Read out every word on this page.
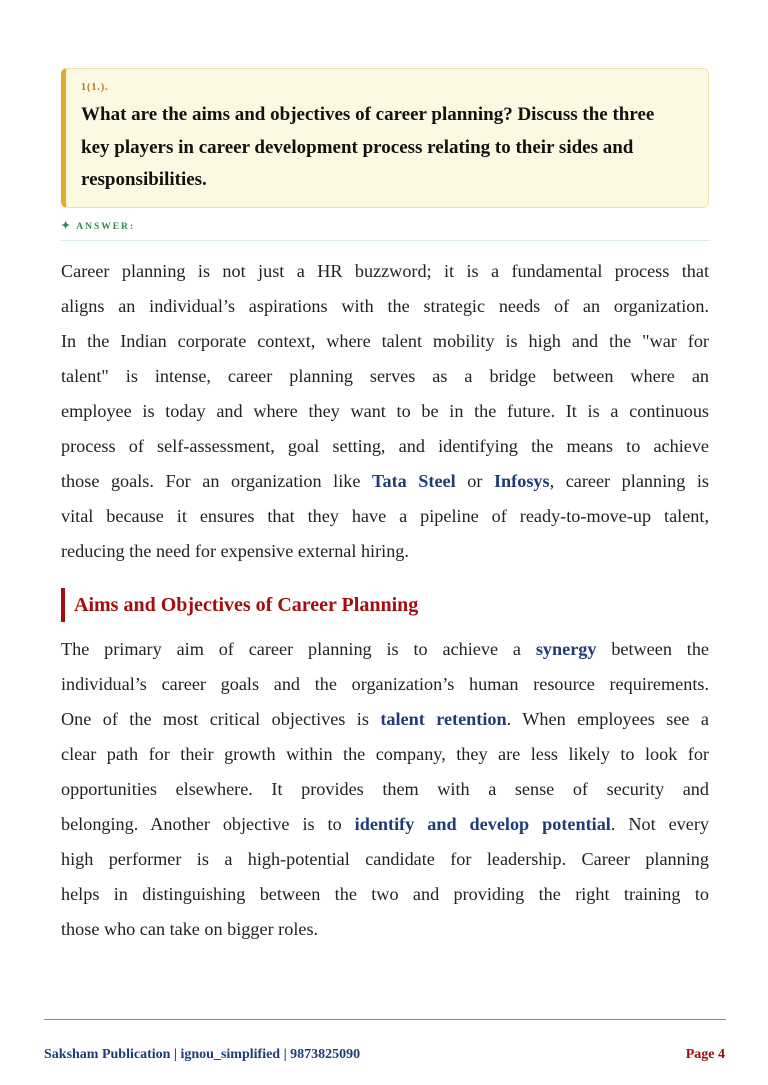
1(1.).

What are the aims and objectives of career planning? Discuss the three
key players in career development process relating to their sides and
responsibilities.

✦ ANSWER:
Career planning is not just a HR buzzword; it is a fundamental process that
aligns an individual’s aspirations with the strategic needs of an organization.
In the Indian corporate context, where talent mobility is high and the "war for
talent" is intense, career planning serves as a bridge between where an
employee is today and where they want to be in the future. It is a continuous
process of self-assessment, goal setting, and identifying the means to achieve
those goals. For an organization like Tata Steel or Infosys, career planning is
vital because it ensures that they have a pipeline of ready-to-move-up talent,
reducing the need for expensive external hiring.
Aims and Objectives of Career Planning
The primary aim of career planning is to achieve a synergy between the
individual’s career goals and the organization’s human resource requirements.
One of the most critical objectives is talent retention. When employees see a
clear path for their growth within the company, they are less likely to look for
opportunities elsewhere. It provides them with a sense of security and
belonging. Another objective is to identify and develop potential. Not every
high performer is a high-potential candidate for leadership. Career planning
helps in distinguishing between the two and providing the right training to
those who can take on bigger roles.
Saksham Publication | ignou_simplified | 9873825090	Page 4
